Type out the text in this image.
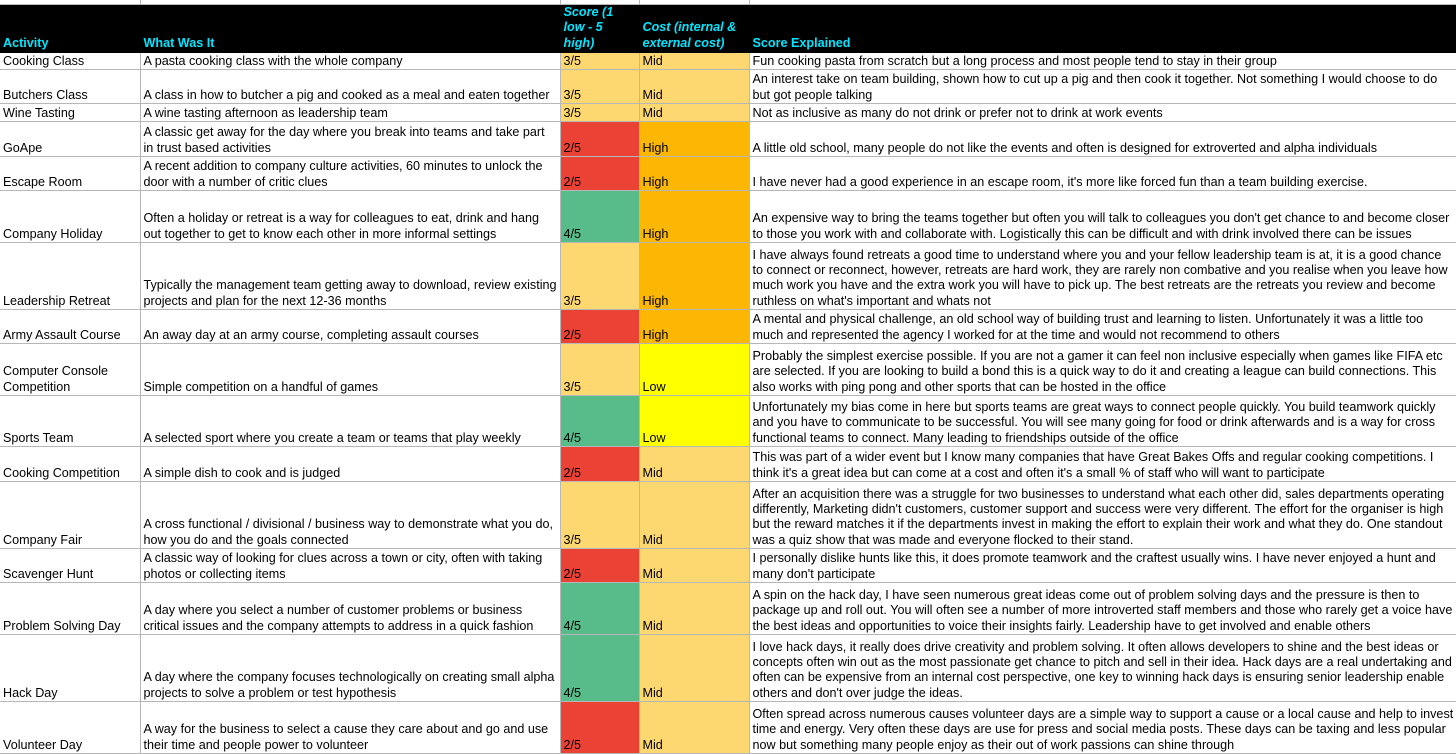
Activity	What Was It	Score (1 low - 5 high)	Cost (internal & external cost)	Score Explained
Cooking Class	A pasta cooking class with the whole company	3/5	Mid	Fun cooking pasta from scratch but a long process and most people tend to stay in their group
Butchers Class	A class in how to butcher a pig and cooked as a meal and eaten together	3/5	Mid	An interest take on team building, shown how to cut up a pig and then cook it together. Not something I would choose to do but got people talking
Wine Tasting	A wine tasting afternoon as leadership team	3/5	Mid	Not as inclusive as many do not drink or prefer not to drink at work events
GoApe	A classic get away for the day where you break into teams and take part in trust based activities	2/5	High	A little old school, many people do not like the events and often is designed for extroverted and alpha individuals
Escape Room	A recent addition to company culture activities, 60 minutes to unlock the door with a number of critic clues	2/5	High	I have never had a good experience in an escape room, it's more like forced fun than a team building exercise.
Company Holiday	Often a holiday or retreat is a way for colleagues to eat, drink and hang out together to get to know each other in more informal settings	4/5	High	An expensive way to bring the teams together but often you will talk to colleagues you don't get chance to and become closer to those you work with and collaborate with. Logistically this can be difficult and with drink involved there can be issues
Leadership Retreat	Typically the management team getting away to download, review existing projects and plan for the next 12-36 months	3/5	High	I have always found retreats a good time to understand where you and your fellow leadership team is at, it is a good chance to connect or reconnect, however, retreats are hard work, they are rarely non combative and you realise when you leave how much work you have and the extra work you will have to pick up. The best retreats are the retreats you review and become ruthless on what's important and whats not
Army Assault Course	An away day at an army course, completing assault courses	2/5	High	A mental and physical challenge, an old school way of building trust and learning to listen. Unfortunately it was a little too much and represented the agency I worked for at the time and would not recommend to others
Computer Console Competition	Simple competition on a handful of games	3/5	Low	Probably the simplest exercise possible. If you are not a gamer it can feel non inclusive especially when games like FIFA etc are selected. If you are looking to build a bond this is a quick way to do it and creating a league can build connections. This also works with ping pong and other sports that can be hosted in the office
Sports Team	A selected sport where you create a team or teams that play weekly	4/5	Low	Unfortunately my bias come in here but sports teams are great ways to connect people quickly. You build teamwork quickly and you have to communicate to be successful. You will see many going for food or drink afterwards and is a way for cross functional teams to connect. Many leading to friendships outside of the office
Cooking Competition	A simple dish to cook and is judged	2/5	Mid	This was part of a wider event but I know many companies that have Great Bakes Offs and regular cooking competitions. I think it's a great idea but can come at a cost and often it's a small % of staff who will want to participate
Company Fair	A cross functional / divisional / business way to demonstrate what you do, how you do and the goals connected	3/5	Mid	After an acquisition there was a struggle for two businesses to understand what each other did, sales departments operating differently, Marketing didn't customers, customer support and success were very different. The effort for the organiser is high but the reward matches it if the departments invest in making the effort to explain their work and what they do. One standout was a quiz show that was made and everyone flocked to their stand.
Scavenger Hunt	A classic way of looking for clues across a town or city, often with taking photos or collecting items	2/5	Mid	I personally dislike hunts like this, it does promote teamwork and the craftest usually wins. I have never enjoyed a hunt and many don't participate
Problem Solving Day	A day where you select a number of customer problems or business critical issues and the company attempts to address in a quick fashion	4/5	Mid	A spin on the hack day, I have seen numerous great ideas come out of problem solving days and the pressure is then to package up and roll out. You will often see a number of more introverted staff members and those who rarely get a voice have the best ideas and opportunities to voice their insights fairly. Leadership have to get involved and enable others
Hack Day	A day where the company focuses technologically on creating small alpha projects to solve a problem or test hypothesis	4/5	Mid	I love hack days, it really does drive creativity and problem solving. It often allows developers to shine and the best ideas or concepts often win out as the most passionate get chance to pitch and sell in their idea. Hack days are a real undertaking and often can be expensive from an internal cost perspective, one key to winning hack days is ensuring senior leadership enable others and don't over judge the ideas.
Volunteer Day	A way for the business to select a cause they care about and go and use their time and people power to volunteer	2/5	Mid	Often spread across numerous causes volunteer days are a simple way to support a cause or a local cause and help to invest time and energy. Very often these days are use for press and social media posts. These days can be taxing and less popular now but something many people enjoy as their out of work passions can shine through
